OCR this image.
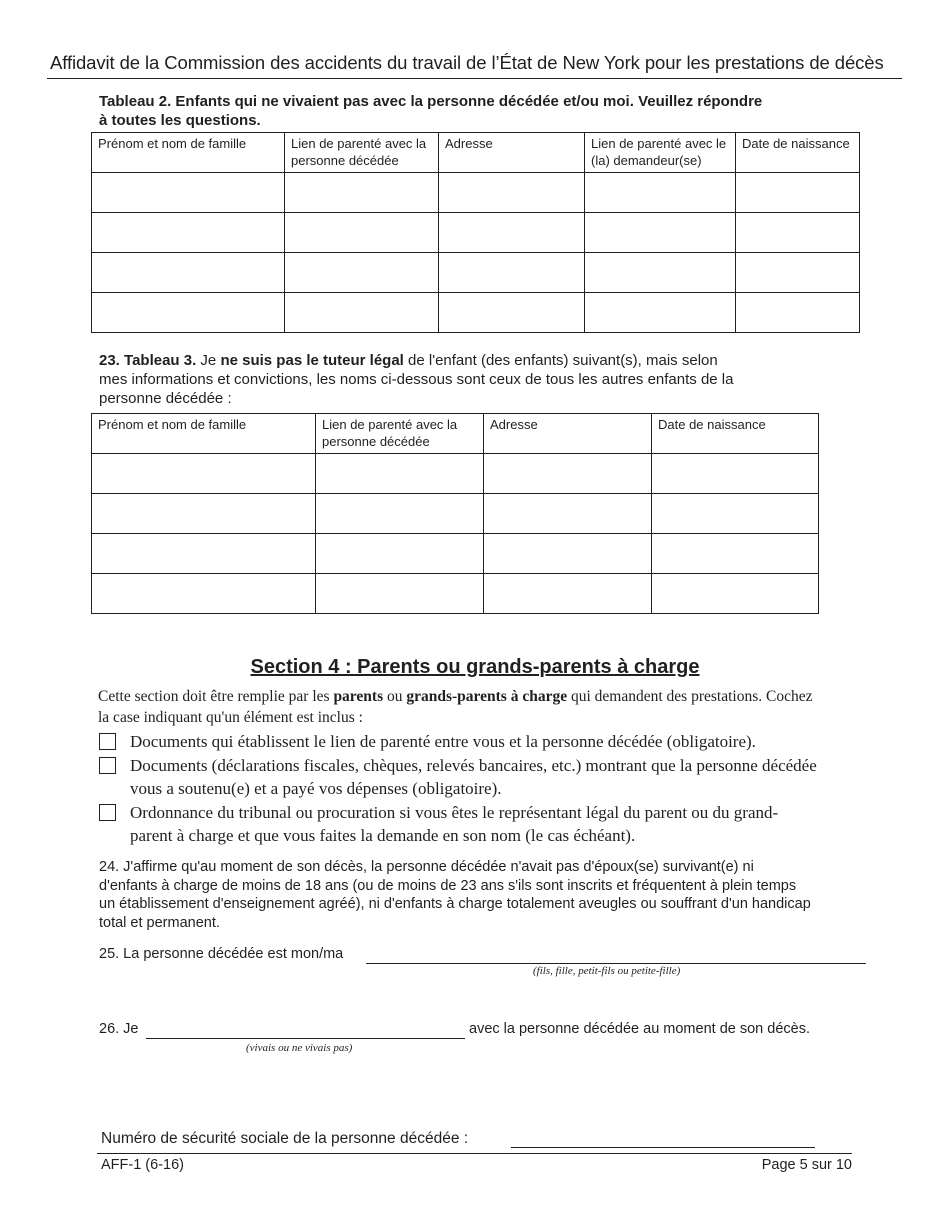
Affidavit de la Commission des accidents du travail de l’État de New York pour les prestations de décès
Tableau 2. Enfants qui ne vivaient pas avec la personne décédée et/ou moi. Veuillez répondre
à toutes les questions.
Prénom et nom de famille	Lien de parenté avec la personne décédée	Adresse	Lien de parenté avec le (la) demandeur(se)	Date de naissance

23. Tableau 3. Je ne suis pas le tuteur légal de l'enfant (des enfants) suivant(s), mais selon
mes informations et convictions, les noms ci-dessous sont ceux de tous les autres enfants de la
personne décédée :
Prénom et nom de famille	Lien de parenté avec la personne décédée	Adresse	Date de naissance

Section 4 : Parents ou grands-parents à charge
Cette section doit être remplie par les parents ou grands-parents à charge qui demandent des prestations. Cochez
la case indiquant qu'un élément est inclus :
Documents qui établissent le lien de parenté entre vous et la personne décédée (obligatoire).
Documents (déclarations fiscales, chèques, relevés bancaires, etc.) montrant que la personne décédée
vous a soutenu(e) et a payé vos dépenses (obligatoire).
Ordonnance du tribunal ou procuration si vous êtes le représentant légal du parent ou du grand-
parent à charge et que vous faites la demande en son nom (le cas échéant).
24. J'affirme qu'au moment de son décès, la personne décédée n'avait pas d'époux(se) survivant(e) ni
d'enfants à charge de moins de 18 ans (ou de moins de 23 ans s'ils sont inscrits et fréquentent à plein temps
un établissement d'enseignement agréé), ni d'enfants à charge totalement aveugles ou souffrant d'un handicap
total et permanent.
25. La personne décédée est mon/ma
(fils, fille, petit-fils ou petite-fille)
26. Je	avec la personne décédée au moment de son décès.
(vivais ou ne vivais pas)
Numéro de sécurité sociale de la personne décédée :
AFF-1 (6-16)	Page 5 sur 10
